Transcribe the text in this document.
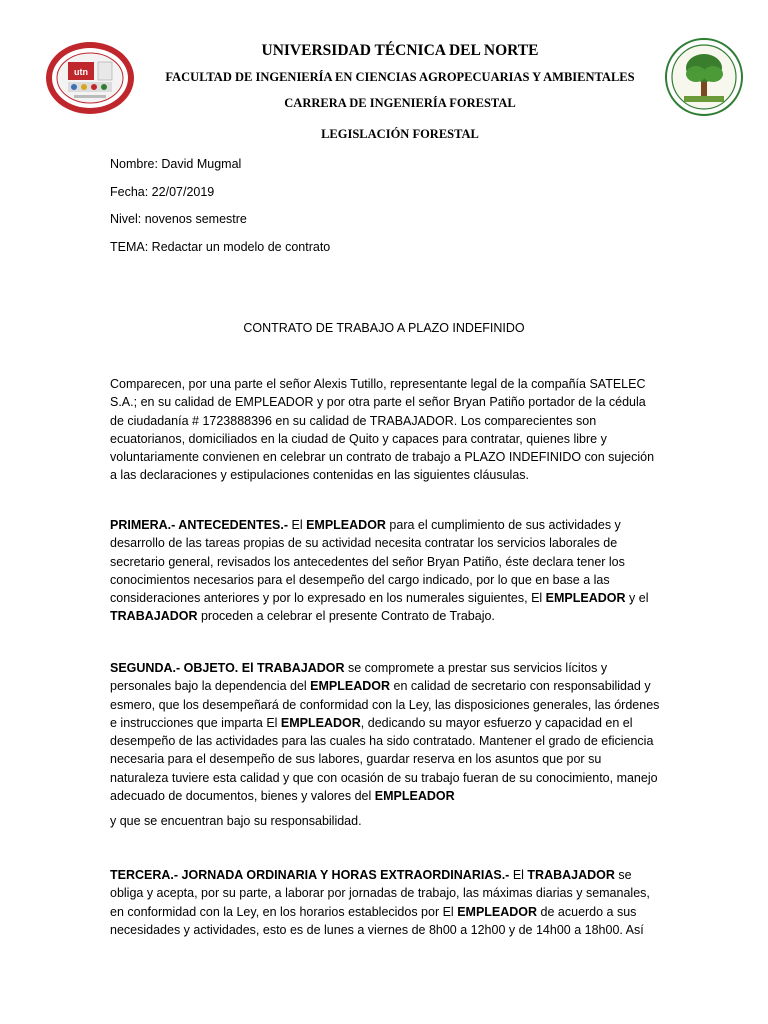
utn
UNIVERSIDAD TÉCNICA DEL NORTE
FACULTAD DE INGENIERÍA EN CIENCIAS AGROPECUARIAS Y AMBIENTALES
CARRERA DE INGENIERÍA FORESTAL
LEGISLACIÓN FORESTAL
Nombre: David Mugmal
Fecha: 22/07/2019
Nivel: novenos semestre
TEMA: Redactar un modelo de contrato
CONTRATO DE TRABAJO A PLAZO INDEFINIDO
Comparecen, por una parte el señor Alexis Tutillo, representante legal de la compañía SATELEC S.A.; en su calidad de EMPLEADOR y por otra parte el señor Bryan Patiño portador de la cédula de ciudadanía # 1723888396 en su calidad de TRABAJADOR. Los comparecientes son ecuatorianos, domiciliados en la ciudad de Quito y capaces para contratar, quienes libre y voluntariamente convienen en celebrar un contrato de trabajo a PLAZO INDEFINIDO con sujeción a las declaraciones y estipulaciones contenidas en las siguientes cláusulas.
PRIMERA.- ANTECEDENTES.- El EMPLEADOR para el cumplimiento de sus actividades y desarrollo de las tareas propias de su actividad necesita contratar los servicios laborales de secretario general, revisados los antecedentes del señor Bryan Patiño, éste declara tener los conocimientos necesarios para el desempeño del cargo indicado, por lo que en base a las consideraciones anteriores y por lo expresado en los numerales siguientes, El EMPLEADOR y el TRABAJADOR proceden a celebrar el presente Contrato de Trabajo.
SEGUNDA.- OBJETO. El TRABAJADOR se compromete a prestar sus servicios lícitos y personales bajo la dependencia del EMPLEADOR en calidad de secretario con responsabilidad y esmero, que los desempeñará de conformidad con la Ley, las disposiciones generales, las órdenes e instrucciones que imparta El EMPLEADOR, dedicando su mayor esfuerzo y capacidad en el desempeño de las actividades para las cuales ha sido contratado. Mantener el grado de eficiencia necesaria para el desempeño de sus labores, guardar reserva en los asuntos que por su naturaleza tuviere esta calidad y que con ocasión de su trabajo fueran de su conocimiento, manejo adecuado de documentos, bienes y valores del EMPLEADOR
y que se encuentran bajo su responsabilidad.
TERCERA.- JORNADA ORDINARIA Y HORAS EXTRAORDINARIAS.- El TRABAJADOR se obliga y acepta, por su parte, a laborar por jornadas de trabajo, las máximas diarias y semanales, en conformidad con la Ley, en los horarios establecidos por El EMPLEADOR de acuerdo a sus necesidades y actividades, esto es de lunes a viernes de 8h00 a 12h00 y de 14h00 a 18h00. Así
